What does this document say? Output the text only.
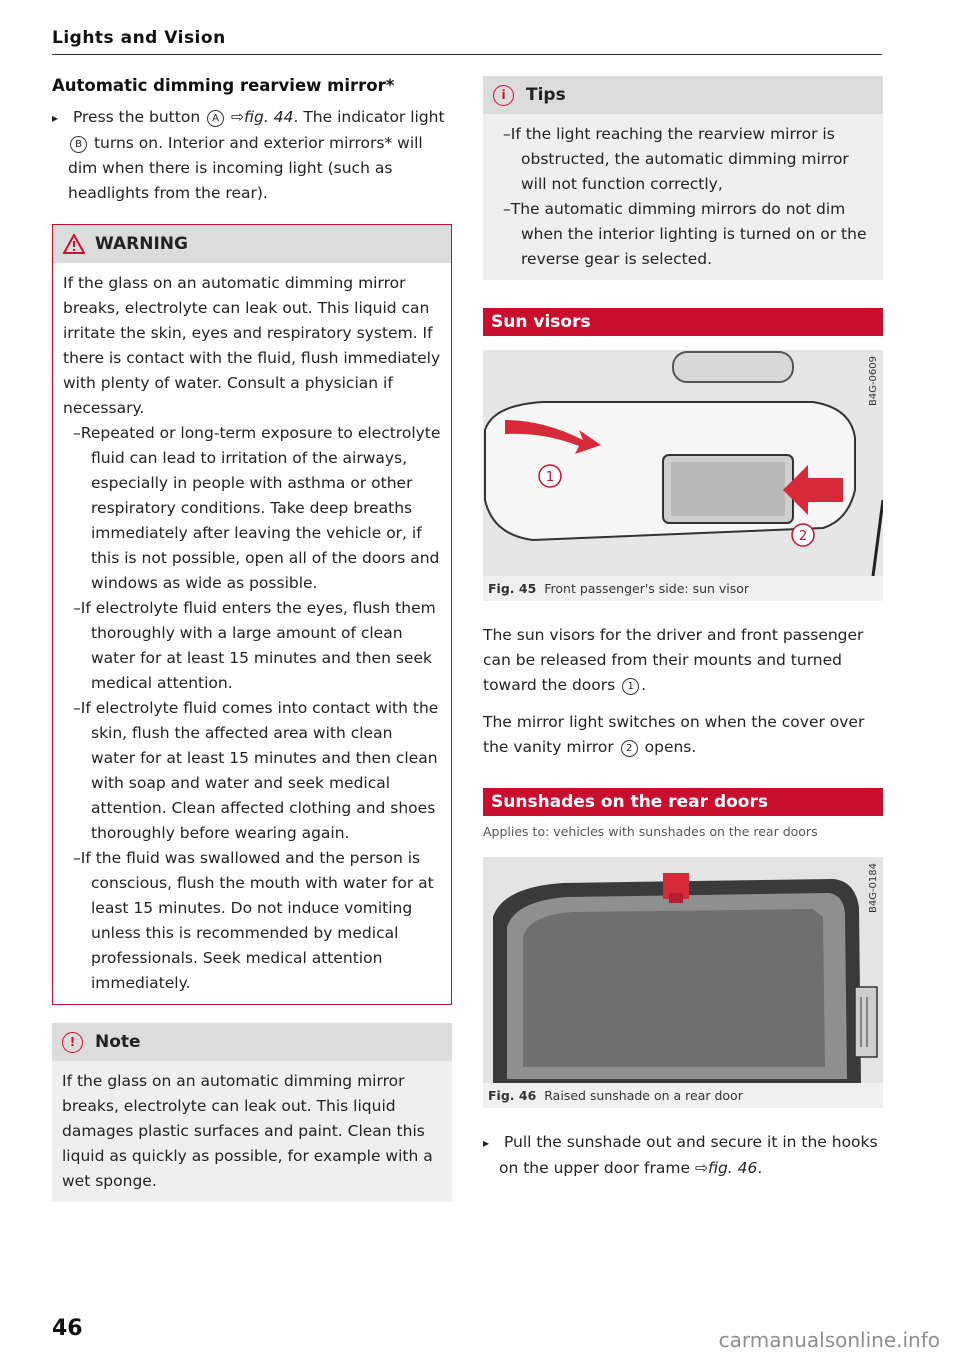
Lights and Vision
Automatic dimming rearview mirror*

▸ Press the button A ⇨fig. 44. The indicator light B turns on. Interior and exterior mirrors* will dim when there is incoming light (such as headlights from the rear).

WARNING

If the glass on an automatic dimming mirror breaks, electrolyte can leak out. This liquid can irritate the skin, eyes and respiratory system. If there is contact with the fluid, flush immediately with plenty of water. Consult a physician if necessary.

– Repeated or long-term exposure to electrolyte fluid can lead to irritation of the airways, especially in people with asthma or other respiratory conditions. Take deep breaths immediately after leaving the vehicle or, if this is not possible, open all of the doors and windows as wide as possible.

– If electrolyte fluid enters the eyes, flush them thoroughly with a large amount of clean water for at least 15 minutes and then seek medical attention.

– If electrolyte fluid comes into contact with the skin, flush the affected area with clean water for at least 15 minutes and then clean with soap and water and seek medical attention. Clean affected clothing and shoes thoroughly before wearing again.

– If the fluid was swallowed and the person is conscious, flush the mouth with water for at least 15 minutes. Do not induce vomiting unless this is recommended by medical professionals. Seek medical attention immediately.

!	Note

If the glass on an automatic dimming mirror breaks, electrolyte can leak out. This liquid damages plastic surfaces and paint. Clean this liquid as quickly as possible, for example with a wet sponge.

i	Tips

– If the light reaching the rearview mirror is obstructed, the automatic dimming mirror will not function correctly,

– The automatic dimming mirrors do not dim when the interior lighting is turned on or the reverse gear is selected.

Sun visors
1
2
B4G-0609
Fig. 45 Front passenger's side: sun visor

The sun visors for the driver and front passenger can be released from their mounts and turned toward the doors 1 .

The mirror light switches on when the cover over the vanity mirror 2 opens.

Sunshades on the rear doors
Applies to: vehicles with sunshades on the rear doors
B4G-0184
Fig. 46 Raised sunshade on a rear door

▸ Pull the sunshade out and secure it in the hooks on the upper door frame ⇨fig. 46.

46	carmanualsonline.info
